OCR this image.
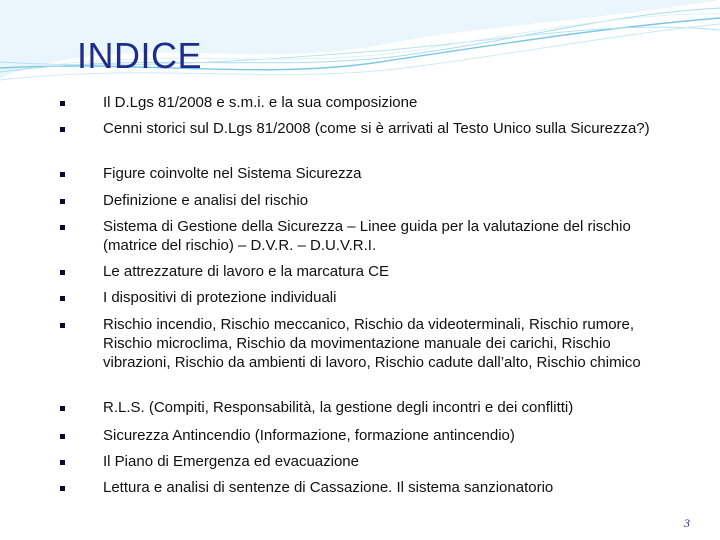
INDICE
Il D.Lgs 81/2008 e s.m.i. e la sua composizione
Cenni storici sul D.Lgs 81/2008 (come si è arrivati al Testo Unico sulla Sicurezza?)
Figure coinvolte nel Sistema Sicurezza
Definizione e analisi del rischio
Sistema di Gestione della Sicurezza – Linee guida per la valutazione del rischio (matrice del rischio) – D.V.R. – D.U.V.R.I.
Le attrezzature di lavoro e la marcatura CE
I dispositivi di protezione individuali
Rischio incendio, Rischio meccanico, Rischio da videoterminali, Rischio rumore, Rischio microclima, Rischio da movimentazione manuale dei carichi, Rischio vibrazioni, Rischio da ambienti di lavoro, Rischio cadute dall’alto, Rischio chimico
R.L.S. (Compiti, Responsabilità, la gestione degli incontri e dei conflitti)
Sicurezza Antincendio (Informazione, formazione antincendio)
Il Piano di Emergenza ed evacuazione
Lettura e analisi di sentenze di Cassazione. Il sistema sanzionatorio
3
